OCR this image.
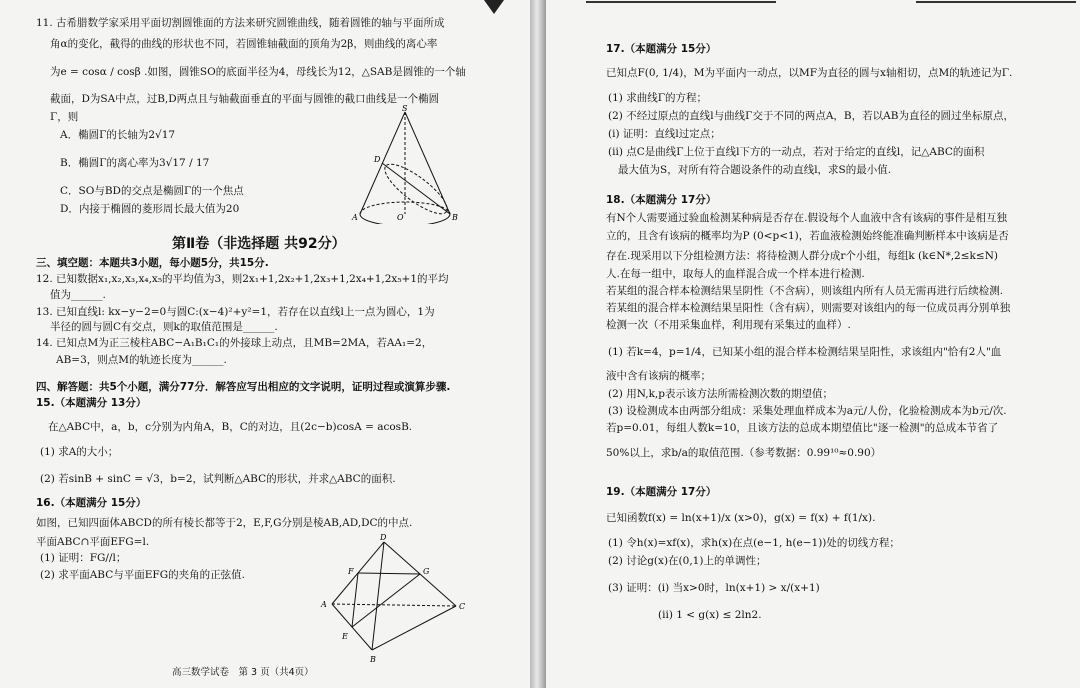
11. 古希腊数学家采用平面切割圆锥面的方法来研究圆锥曲线，随着圆锥的轴与平面所成
角α的变化，截得的曲线的形状也不同，若圆锥轴截面的顶角为2β，则曲线的离心率
为e = cosα / cosβ .如图，圆锥SO的底面半径为4，母线长为12，△SAB是圆锥的一个轴
截面，D为SA中点，过B,D两点且与轴截面垂直的平面与圆锥的截口曲线是一个椭圆
Γ，则
A．椭圆Γ的长轴为2√17
B．椭圆Γ的离心率为3√17 / 17
C．SO与BD的交点是椭圆Γ的一个焦点
D．内接于椭圆的菱形周长最大值为20
S
D
O
A	B
第Ⅱ卷（非选择题 共92分）
三、填空题：本题共3小题，每小题5分，共15分.
12. 已知数据x₁,x₂,x₃,x₄,x₅的平均值为3，则2x₁+1,2x₂+1,2x₃+1,2x₄+1,2x₅+1的平均
值为______.
13. 已知直线l: kx−y−2=0与圆C:(x−4)²+y²=1，若存在以直线l上一点为圆心，1为
半径的圆与圆C有交点，则k的取值范围是______.
14. 已知点M为正三棱柱ABC−A₁B₁C₁的外接球上动点，且MB=2MA，若AA₁=2，
AB=3，则点M的轨迹长度为______.
四、解答题：共5个小题，满分77分．解答应写出相应的文字说明，证明过程或演算步骤.
15.（本题满分 13分）
在△ABC中，a，b，c分别为内角A，B，C的对边，且(2c−b)cosA = acosB.
(1) 求A的大小；
(2) 若sinB + sinC = √3，b=2，试判断△ABC的形状，并求△ABC的面积.
16.（本题满分 15分）
如图，已知四面体ABCD的所有棱长都等于2，E,F,G分别是棱AB,AD,DC的中点.
平面ABC∩平面EFG=l.
(1) 证明：FG//l；
(2) 求平面ABC与平面EFG的夹角的正弦值.
D
F	G
A	C
E
B
高三数学试卷　第 3 页（共4页）
17.（本题满分 15分）
已知点F(0, 1/4)，M为平面内一动点，以MF为直径的圆与x轴相切，点M的轨迹记为Γ.
(1) 求曲线Γ的方程；
(2) 不经过原点的直线l与曲线Γ交于不同的两点A，B，若以AB为直径的圆过坐标原点，
(i) 证明：直线l过定点；
(ii) 点C是曲线Γ上位于直线l下方的一动点，若对于给定的直线l，记△ABC的面积
最大值为S，对所有符合题设条件的动直线l，求S的最小值.
18.（本题满分 17分）
有N个人需要通过验血检测某种病是否存在.假设每个人血液中含有该病的事件是相互独
立的，且含有该病的概率均为P (0<p<1)，若血液检测始终能准确判断样本中该病是否
存在.现采用以下分组检测方法：将待检测人群分成r个小组，每组k (k∈N*,2≤k≤N)
人.在每一组中，取每人的血样混合成一个样本进行检测.
若某组的混合样本检测结果呈阴性（不含病），则该组内所有人员无需再进行后续检测.
若某组的混合样本检测结果呈阳性（含有病），则需要对该组内的每一位成员再分别单独
检测一次（不用采集血样，利用现有采集过的血样）.
(1) 若k=4，p=1/4，已知某小组的混合样本检测结果呈阳性，求该组内"恰有2人"血
液中含有该病的概率；
(2) 用N,k,p表示该方法所需检测次数的期望值；
(3) 设检测成本由两部分组成：采集处理血样成本为a元/人份，化验检测成本为b元/次.
若p=0.01，每组人数k=10，且该方法的总成本期望值比"逐一检测"的总成本节省了
50%以上，求b/a的取值范围.（参考数据：0.99¹⁰≈0.90）
19.（本题满分 17分）
已知函数f(x) = ln(x+1)/x (x>0)，g(x) = f(x) + f(1/x).
(1) 令h(x)=xf(x)，求h(x)在点(e−1, h(e−1))处的切线方程；
(2) 讨论g(x)在(0,1)上的单调性；
(3) 证明：(i) 当x>0时，ln(x+1) > x/(x+1)
(ii) 1 < g(x) ≤ 2ln2.
